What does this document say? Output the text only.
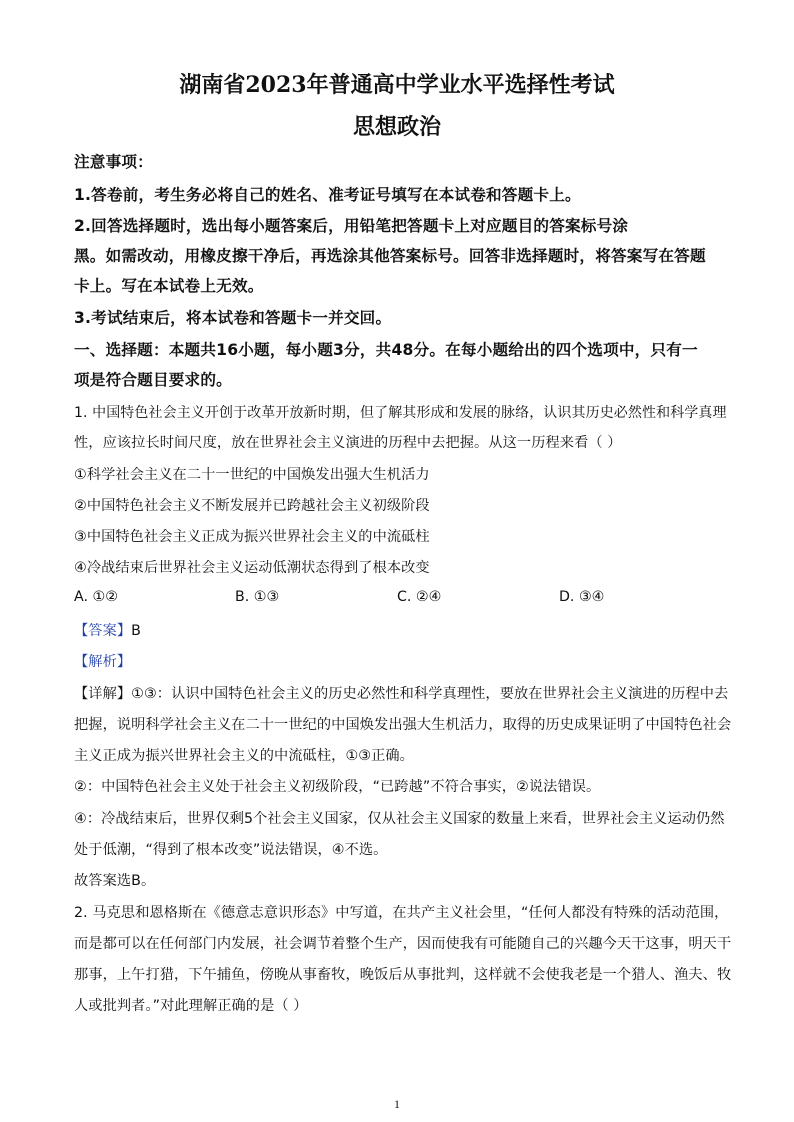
湖南省2023年普通高中学业水平选择性考试
思想政治
注意事项：
1.答卷前，考生务必将自己的姓名、准考证号填写在本试卷和答题卡上。
2.回答选择题时，选出每小题答案后，用铅笔把答题卡上对应题目的答案标号涂
黑。如需改动，用橡皮擦干净后，再选涂其他答案标号。回答非选择题时，将答案写在答题
卡上。写在本试卷上无效。
3.考试结束后，将本试卷和答题卡一并交回。
一、选择题：本题共16小题，每小题3分，共48分。在每小题给出的四个选项中，只有一
项是符合题目要求的。
1. 中国特色社会主义开创于改革开放新时期，但了解其形成和发展的脉络，认识其历史必然性和科学真理
性，应该拉长时间尺度，放在世界社会主义演进的历程中去把握。从这一历程来看（ ）
①科学社会主义在二十一世纪的中国焕发出强大生机活力
②中国特色社会主义不断发展并已跨越社会主义初级阶段
③中国特色社会主义正成为振兴世界社会主义的中流砥柱
④冷战结束后世界社会主义运动低潮状态得到了根本改变
A. ①②	B. ①③	C. ②④	D. ③④
【答案】B
【解析】
【详解】①③：认识中国特色社会主义的历史必然性和科学真理性，要放在世界社会主义演进的历程中去
把握，说明科学社会主义在二十一世纪的中国焕发出强大生机活力，取得的历史成果证明了中国特色社会
主义正成为振兴世界社会主义的中流砥柱，①③正确。
②：中国特色社会主义处于社会主义初级阶段，“已跨越”不符合事实，②说法错误。
④：冷战结束后，世界仅剩5个社会主义国家，仅从社会主义国家的数量上来看，世界社会主义运动仍然
处于低潮，“得到了根本改变”说法错误，④不选。
故答案选B。
2. 马克思和恩格斯在《德意志意识形态》中写道，在共产主义社会里，“任何人都没有特殊的活动范围，
而是都可以在任何部门内发展，社会调节着整个生产，因而使我有可能随自己的兴趣今天干这事，明天干
那事，上午打猎，下午捕鱼，傍晚从事畜牧，晚饭后从事批判，这样就不会使我老是一个猎人、渔夫、牧
人或批判者。”对此理解正确的是（ ）
1
